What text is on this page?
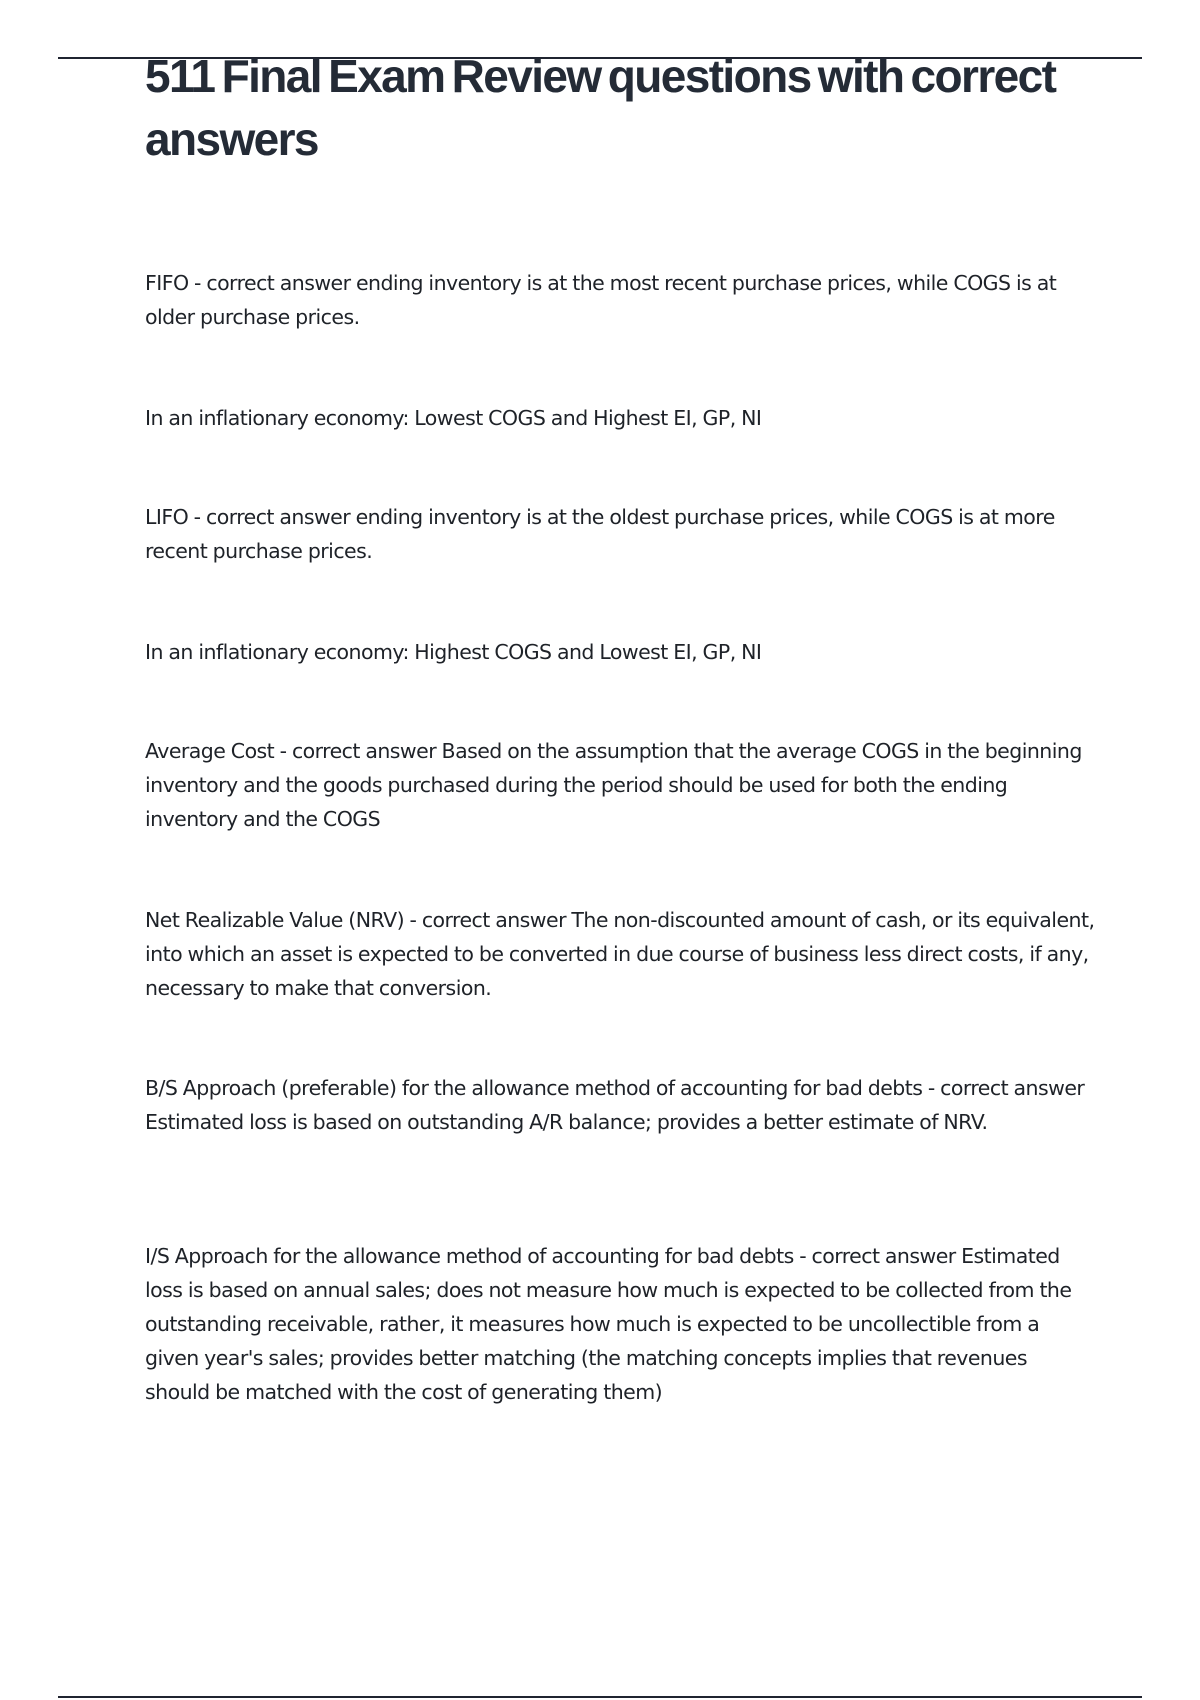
511 Final Exam Review questions with correct answers

FIFO - correct answer ending inventory is at the most recent purchase prices, while COGS is at older purchase prices.

In an inflationary economy: Lowest COGS and Highest EI, GP, NI

LIFO - correct answer ending inventory is at the oldest purchase prices, while COGS is at more recent purchase prices.

In an inflationary economy: Highest COGS and Lowest EI, GP, NI

Average Cost - correct answer Based on the assumption that the average COGS in the beginning inventory and the goods purchased during the period should be used for both the ending inventory and the COGS

Net Realizable Value (NRV) - correct answer The non-discounted amount of cash, or its equivalent, into which an asset is expected to be converted in due course of business less direct costs, if any, necessary to make that conversion.

B/S Approach (preferable) for the allowance method of accounting for bad debts - correct answer Estimated loss is based on outstanding A/R balance; provides a better estimate of NRV.

I/S Approach for the allowance method of accounting for bad debts - correct answer Estimated loss is based on annual sales; does not measure how much is expected to be collected from the outstanding receivable, rather, it measures how much is expected to be uncollectible from a given year's sales; provides better matching (the matching concepts implies that revenues should be matched with the cost of generating them)
